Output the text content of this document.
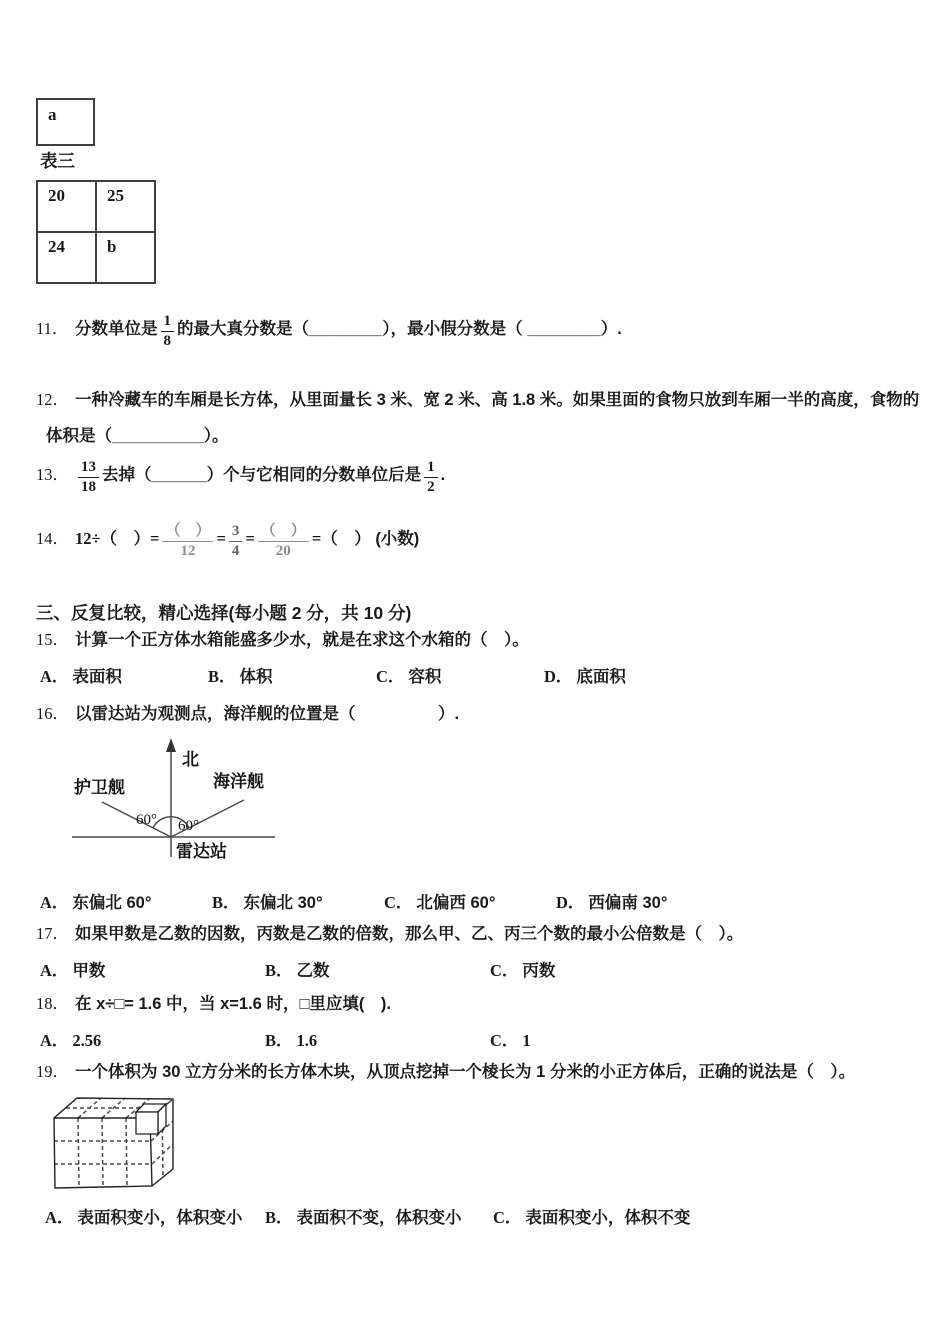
a
表三
20	25
24	b
11． 分数单位是 $\frac{1}{8}$ 的最大真分数是（________），最小假分数是（ ________）.
12． 一种冷藏车的车厢是长方体，从里面量长 3 米、宽 2 米、高 1.8 米。如果里面的食物只放到车厢一半的高度，食物的
体积是（__________）。
13． $\frac{13}{18}$ 去掉（______）个与它相同的分数单位后是 $\frac{1}{2}$ .
14． 12÷（　）= $\frac{( )}{12} = \frac{3}{4} = \frac{( )}{20}$ =（　） (小数)
三、反复比较，精心选择(每小题 2 分，共 10 分)
15． 计算一个正方体水箱能盛多少水，就是在求这个水箱的（　）。
A． 表面积	B． 体积	C． 容积	D． 底面积
16． 以雷达站为观测点，海洋舰的位置是（　　　　　）.
北
护卫舰	海洋舰
60° 60°
雷达站
A． 东偏北 60°	B． 东偏北 30°	C． 北偏西 60°	D． 西偏南 30°
17． 如果甲数是乙数的因数，丙数是乙数的倍数，那么甲、乙、丙三个数的最小公倍数是（　）。
A． 甲数	B． 乙数	C． 丙数
18． 在 x÷□= 1.6 中，当 x=1.6 时，□里应填(　).
A． 2.56	B． 1.6	C． 1
19． 一个体积为 30 立方分米的长方体木块，从顶点挖掉一个棱长为 1 分米的小正方体后，正确的说法是（　）。
A． 表面积变小，体积变小	B． 表面积不变，体积变小	C． 表面积变小，体积不变
